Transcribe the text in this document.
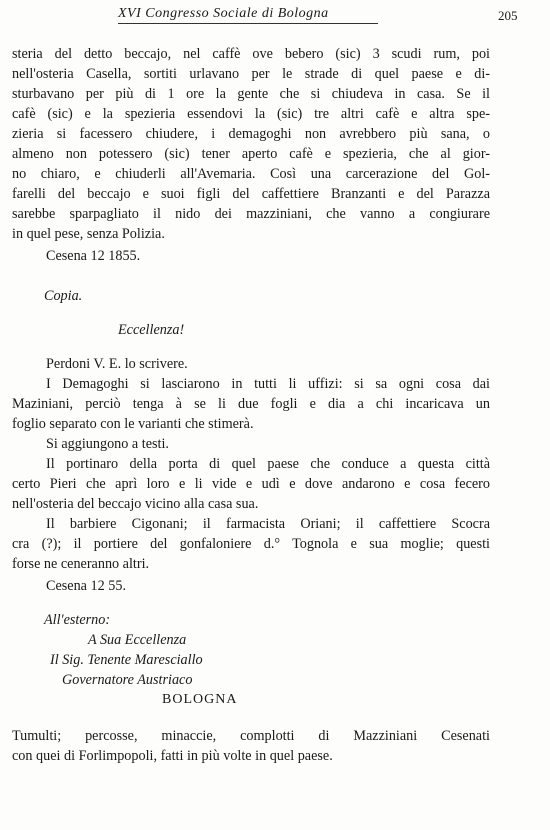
XVI Congresso Sociale di Bologna	205
steria del detto beccajo, nel caffè ove bebero (sic) 3 scudi rum, poi
nell'osteria Casella, sortiti urlavano per le strade di quel paese e di-
sturbavano per più di 1 ore la gente che si chiudeva in casa. Se il
cafè (sic) e la spezieria essendovi la (sic) tre altri cafè e altra spe-
zieria si facessero chiudere, i demagoghi non avrebbero più sana, o
almeno non potessero (sic) tener aperto cafè e spezieria, che al gior-
no chiaro, e chiuderli all'Avemaria. Così una carcerazione del Gol-
farelli del beccajo e suoi figli del caffettiere Branzanti e del Parazza
sarebbe sparpagliato il nido dei mazziniani, che vanno a congiurare
in quel pese, senza Polizia.
Cesena 12 1855.
Copia.
Eccellenza!
Perdoni V. E. lo scrivere.
I Demagoghi si lasciarono in tutti li uffizi: si sa ogni cosa dai
Maziniani, perciò tenga à se li due fogli e dia a chi incaricava un
foglio separato con le varianti che stimerà.
Si aggiungono a testi.
Il portinaro della porta di quel paese che conduce a questa città
certo Pieri che aprì loro e li vide e udì e dove andarono e cosa fecero
nell'osteria del beccajo vicino alla casa sua.
Il barbiere Cigonani; il farmacista Oriani; il caffettiere Scocra
cra (?); il portiere del gonfaloniere d.° Tognola e sua moglie; questi
forse ne ceneranno altri.
Cesena 12 55.
All'esterno:
A Sua Eccellenza
Il Sig. Tenente Maresciallo
Governatore Austriaco
BOLOGNA
Tumulti; percosse, minaccie, complotti di Mazziniani Cesenati
con quei di Forlimpopoli, fatti in più volte in quel paese.
